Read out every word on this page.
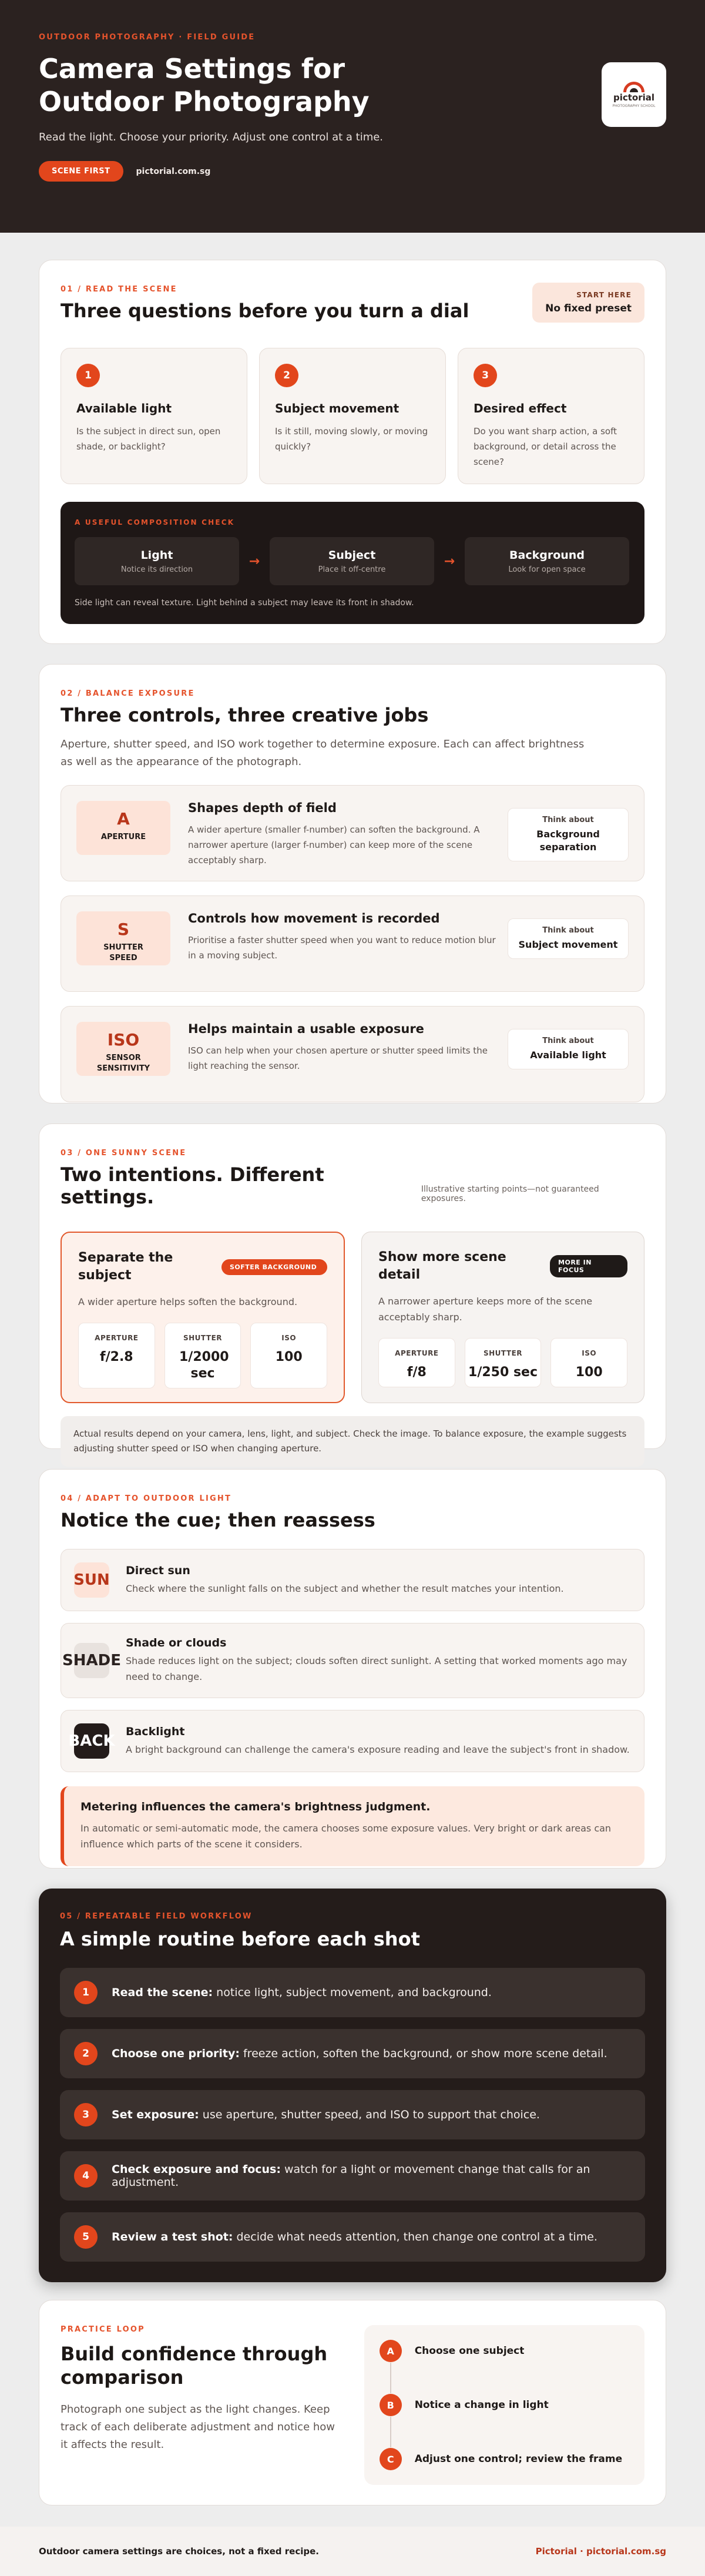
OUTDOOR PHOTOGRAPHY · FIELD GUIDE
Camera Settings for Outdoor Photography
Read the light. Choose your priority. Adjust one control at a time.
SCENE FIRST	pictorial.com.sg
pictorial
PHOTOGRAPHY SCHOOL
01 / READ THE SCENE
Three questions before you turn a dial
START HERE
No fixed preset
1
Available light

Is the subject in direct sun, open shade, or backlight?

2
Subject movement

Is it still, moving slowly, or moving quickly?

3
Desired effect

Do you want sharp action, a soft background, or detail across the scene?

A USEFUL COMPOSITION CHECK
Light
Notice its direction
→	Subject
Place it off-centre
→	Background
Look for open space
Side light can reveal texture. Light behind a subject may leave its front in shadow.
02 / BALANCE EXPOSURE
Three controls, three creative jobs

Aperture, shutter speed, and ISO work together to determine exposure. Each can affect brightness as well as the appearance of the photograph.

A
APERTURE
Shapes depth of field

A wider aperture (smaller f-number) can soften the background. A narrower aperture (larger f-number) can keep more of the scene acceptably sharp.

Think about
Background separation
S
SHUTTER SPEED
Controls how movement is recorded

Prioritise a faster shutter speed when you want to reduce motion blur in a moving subject.

Think about
Subject movement
ISO
SENSOR SENSITIVITY
Helps maintain a usable exposure

ISO can help when your chosen aperture or shutter speed limits the light reaching the sensor.

Think about
Available light
03 / ONE SUNNY SCENE
Two intentions. Different settings.	Illustrative starting points—not guaranteed exposures.
Separate the subject
SOFTER BACKGROUND

A wider aperture helps soften the background.

APERTURE
f/2.8
SHUTTER
1/2000 sec
ISO
100
Show more scene detail
MORE IN FOCUS

A narrower aperture keeps more of the scene acceptably sharp.

APERTURE
f/8
SHUTTER
1/250 sec
ISO
100
Actual results depend on your camera, lens, light, and subject. Check the image. To balance exposure, the example suggests adjusting shutter speed or ISO when changing aperture.
04 / ADAPT TO OUTDOOR LIGHT
Notice the cue; then reassess
SUN
Direct sun

Check where the sunlight falls on the subject and whether the result matches your intention.

SHADE
Shade or clouds

Shade reduces light on the subject; clouds soften direct sunlight. A setting that worked moments ago may need to change.

BACK
Backlight

A bright background can challenge the camera's exposure reading and leave the subject's front in shadow.

Metering influences the camera's brightness judgment.

In automatic or semi-automatic mode, the camera chooses some exposure values. Very bright or dark areas can influence which parts of the scene it considers.

05 / REPEATABLE FIELD WORKFLOW
A simple routine before each shot
1	Read the scene: notice light, subject movement, and background.
2	Choose one priority: freeze action, soften the background, or show more scene detail.
3	Set exposure: use aperture, shutter speed, and ISO to support that choice.
4	Check exposure and focus: watch for a light or movement change that calls for an adjustment.
5	Review a test shot: decide what needs attention, then change one control at a time.
PRACTICE LOOP
Build confidence through comparison

Photograph one subject as the light changes. Keep track of each deliberate adjustment and notice how it affects the result.

A	Choose one subject
B	Notice a change in light
C	Adjust one control; review the frame
Outdoor camera settings are choices, not a fixed recipe.	Pictorial · pictorial.com.sg
